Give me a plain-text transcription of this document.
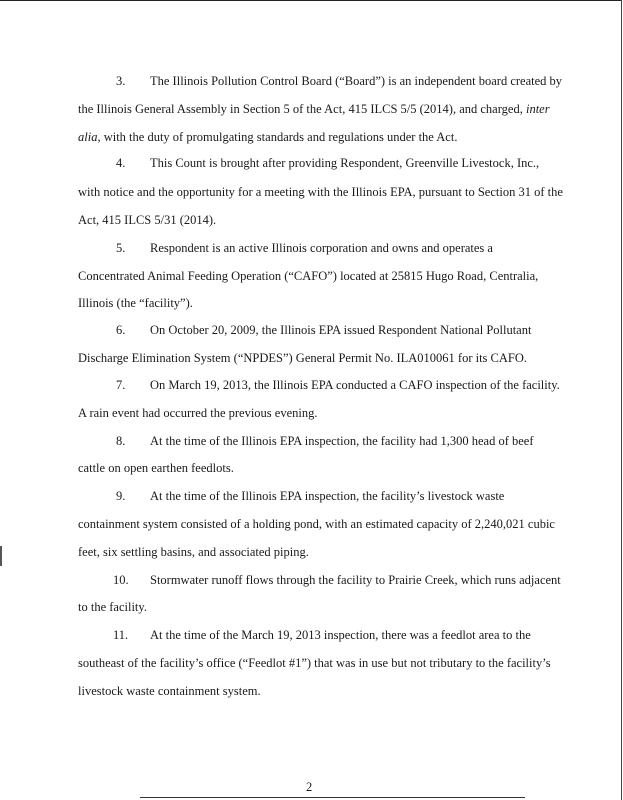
3. The Illinois Pollution Control Board (“Board”) is an independent board created by
the Illinois General Assembly in Section 5 of the Act, 415 ILCS 5/5 (2014), and charged, inter
alia, with the duty of promulgating standards and regulations under the Act.
4. This Count is brought after providing Respondent, Greenville Livestock, Inc.,
with notice and the opportunity for a meeting with the Illinois EPA, pursuant to Section 31 of the
Act, 415 ILCS 5/31 (2014).
5. Respondent is an active Illinois corporation and owns and operates a
Concentrated Animal Feeding Operation (“CAFO”) located at 25815 Hugo Road, Centralia,
Illinois (the “facility”).
6. On October 20, 2009, the Illinois EPA issued Respondent National Pollutant
Discharge Elimination System (“NPDES”) General Permit No. ILA010061 for its CAFO.
7. On March 19, 2013, the Illinois EPA conducted a CAFO inspection of the facility.
A rain event had occurred the previous evening.
8. At the time of the Illinois EPA inspection, the facility had 1,300 head of beef
cattle on open earthen feedlots.
9. At the time of the Illinois EPA inspection, the facility’s livestock waste
containment system consisted of a holding pond, with an estimated capacity of 2,240,021 cubic
feet, six settling basins, and associated piping.
10. Stormwater runoff flows through the facility to Prairie Creek, which runs adjacent
to the facility.
11. At the time of the March 19, 2013 inspection, there was a feedlot area to the
southeast of the facility’s office (“Feedlot #1”) that was in use but not tributary to the facility’s
livestock waste containment system.
2
